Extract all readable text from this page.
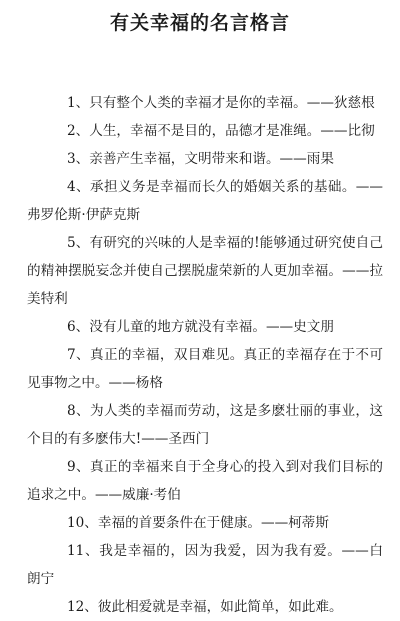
有关幸福的名言格言
1、只有整个人类的幸福才是你的幸福。——狄慈根
2、人生，幸福不是目的，品德才是准绳。——比彻
3、亲善产生幸福，文明带来和谐。——雨果
4、承担义务是幸福而长久的婚姻关系的基础。——弗罗伦斯·伊萨克斯
5、有研究的兴味的人是幸福的!能够通过研究使自己的精神摆脱妄念并使自己摆脱虚荣新的人更加幸福。——拉美特利
6、没有儿童的地方就没有幸福。——史文朋
7、真正的幸福，双目难见。真正的幸福存在于不可见事物之中。——杨格
8、为人类的幸福而劳动，这是多麽壮丽的事业，这个目的有多麽伟大!——圣西门
9、真正的幸福来自于全身心的投入到对我们目标的追求之中。——威廉·考伯
10、幸福的首要条件在于健康。——柯蒂斯
11、我是幸福的，因为我爱，因为我有爱。——白朗宁
12、彼此相爱就是幸福，如此简单，如此难。
